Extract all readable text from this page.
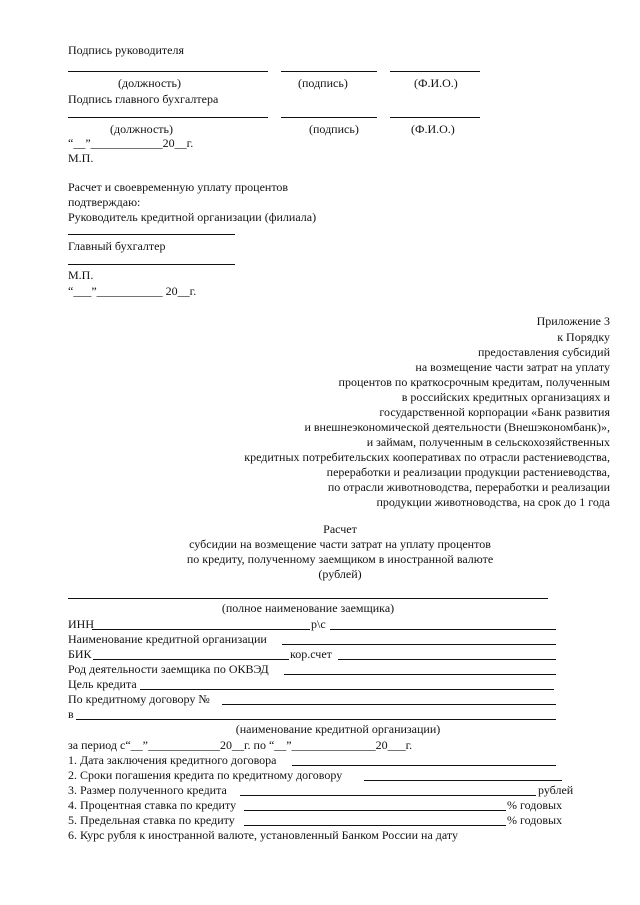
Подпись руководителя
(должность)	(подпись)	(Ф.И.О.)
Подпись главного бухгалтера
(должность)	(подпись)	(Ф.И.О.)
“__”____________20__г.
М.П.
Расчет и своевременную уплату процентов
подтверждаю:
Руководитель кредитной организации (филиала)
Главный бухгалтер
М.П.
“___”___________ 20__г.
Приложение 3
к Порядку
предоставления субсидий
на возмещение части затрат на уплату
процентов по краткосрочным кредитам, полученным
в российских кредитных организациях и
государственной корпорации «Банк развития
и внешнеэкономической деятельности (Внешэкономбанк)»,
и займам, полученным в сельскохозяйственных
кредитных потребительских кооперативах по отрасли растениеводства,
переработки и реализации продукции растениеводства,
по отрасли животноводства, переработки и реализации
продукции животноводства, на срок до 1 года
Расчет
субсидии на возмещение части затрат на уплату процентов
по кредиту, полученному заемщиком в иностранной валюте
(рублей)
(полное наименование заемщика)
ИНН	р\с
Наименование кредитной организации
БИК	кор.счет
Род деятельности заемщика по ОКВЭД
Цель кредита
По кредитному договору №
в
(наименование кредитной организации)
за период с“__”____________20__г. по “__”______________20___г.
1. Дата заключения кредитного договора
2. Сроки погашения кредита по кредитному договору
3. Размер полученного кредита	рублей
4. Процентная ставка по кредиту	% годовых
5. Предельная ставка по кредиту	% годовых
6. Курс рубля к иностранной валюте, установленный Банком России на дату
